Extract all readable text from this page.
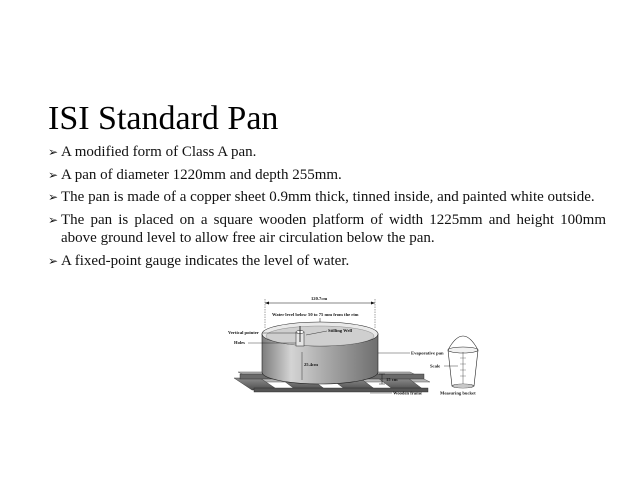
ISI Standard Pan
➢ A modified form of Class A pan.
➢ A pan of diameter 1220mm and depth 255mm.
➢ The pan is made of a copper sheet 0.9mm thick, tinned inside, and painted white outside.
➢ The pan is placed on a square wooden platform of width 1225mm and height 100mm above ground level to allow free air circulation below the pan.
➢ A fixed-point gauge indicates the level of water.
120.7cm
Water level below 50 to 75 mm from the rim
Stilling Well
Vertical pointer
Holes
25.4cm
15 cm
Evaporative pan
Wooden frame
Scale
Measuring bucket
